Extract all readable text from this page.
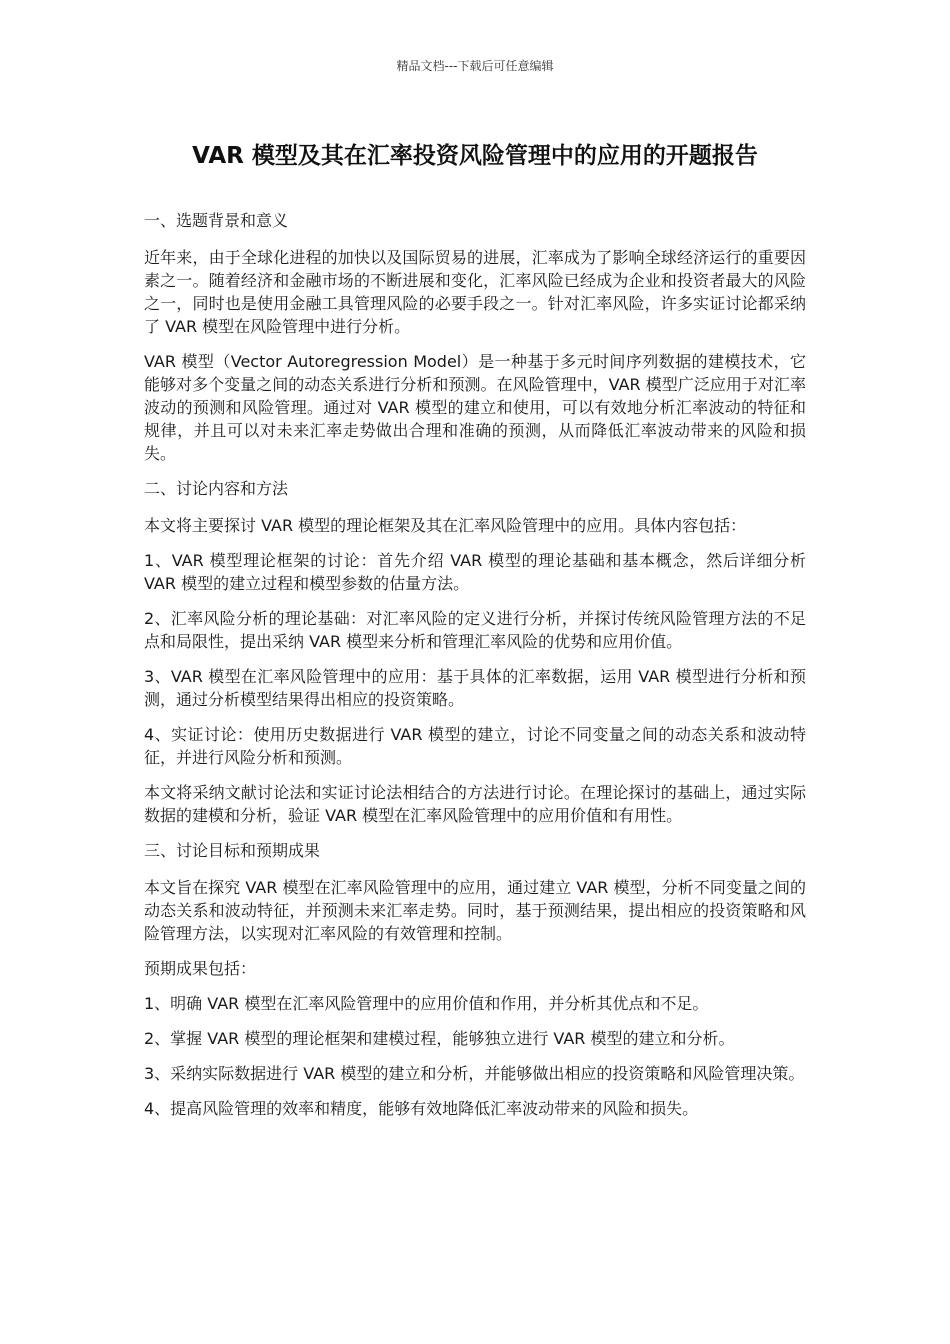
精品文档---下载后可任意编辑
VAR 模型及其在汇率投资风险管理中的应用的开题报告

一、选题背景和意义

近年来，由于全球化进程的加快以及国际贸易的进展，汇率成为了影响全球经济运行的重要因素之一。随着经济和金融市场的不断进展和变化，汇率风险已经成为企业和投资者最大的风险之一，同时也是使用金融工具管理风险的必要手段之一。针对汇率风险，许多实证讨论都采纳了 VAR 模型在风险管理中进行分析。

VAR 模型（Vector Autoregression Model）是一种基于多元时间序列数据的建模技术，它能够对多个变量之间的动态关系进行分析和预测。在风险管理中，VAR 模型广泛应用于对汇率波动的预测和风险管理。通过对 VAR 模型的建立和使用，可以有效地分析汇率波动的特征和规律，并且可以对未来汇率走势做出合理和准确的预测，从而降低汇率波动带来的风险和损失。

二、讨论内容和方法

本文将主要探讨 VAR 模型的理论框架及其在汇率风险管理中的应用。具体内容包括：

1、VAR 模型理论框架的讨论：首先介绍 VAR 模型的理论基础和基本概念，然后详细分析 VAR 模型的建立过程和模型参数的估量方法。

2、汇率风险分析的理论基础：对汇率风险的定义进行分析，并探讨传统风险管理方法的不足点和局限性，提出采纳 VAR 模型来分析和管理汇率风险的优势和应用价值。

3、VAR 模型在汇率风险管理中的应用：基于具体的汇率数据，运用 VAR 模型进行分析和预测，通过分析模型结果得出相应的投资策略。

4、实证讨论：使用历史数据进行 VAR 模型的建立，讨论不同变量之间的动态关系和波动特征，并进行风险分析和预测。

本文将采纳文献讨论法和实证讨论法相结合的方法进行讨论。在理论探讨的基础上，通过实际数据的建模和分析，验证 VAR 模型在汇率风险管理中的应用价值和有用性。

三、讨论目标和预期成果

本文旨在探究 VAR 模型在汇率风险管理中的应用，通过建立 VAR 模型，分析不同变量之间的动态关系和波动特征，并预测未来汇率走势。同时，基于预测结果，提出相应的投资策略和风险管理方法，以实现对汇率风险的有效管理和控制。

预期成果包括：

1、明确 VAR 模型在汇率风险管理中的应用价值和作用，并分析其优点和不足。

2、掌握 VAR 模型的理论框架和建模过程，能够独立进行 VAR 模型的建立和分析。

3、采纳实际数据进行 VAR 模型的建立和分析，并能够做出相应的投资策略和风险管理决策。

4、提高风险管理的效率和精度，能够有效地降低汇率波动带来的风险和损失。
